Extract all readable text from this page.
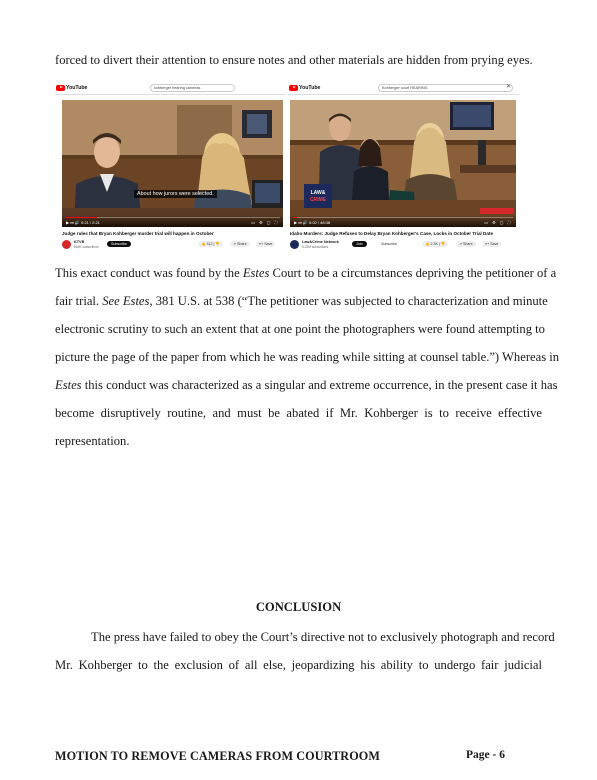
forced to divert their attention to ensure notes and other materials are hidden from prying eyes.
YouTube	kohberger hearing cameras
About how jurors were selected.
▶ ⏭ 🔊 0:21 / 2:21	▭ ⚙ ▢ ⛶
Judge rules that Bryan Kohberger murder trial will happen in October
KTVB
544K subscribers
Subscribe	👍 312 | 👎	↗ Share	≡+ Save
YouTube	Kohberger court HEARING	✕
LAW&
CRIME
▶ ⏭ 🔊 0:02 / 48:38	▭ ⚙ ▢ ⛶
Idaho Murders: Judge Refuses to Delay Bryan Kohberger's Case, Locks in October Trial Date
Law&Crime Network
5.23M subscribers
Join	Subscribe	👍 2.3K | 👎	↗ Share	≡+ Save
This exact conduct was found by the Estes Court to be a circumstances depriving the petitioner of a
fair trial. See Estes, 381 U.S. at 538 (“The petitioner was subjected to characterization and minute
electronic scrutiny to such an extent that at one point the photographers were found attempting to
picture the page of the paper from which he was reading while sitting at counsel table.”) Whereas in
Estes this conduct was characterized as a singular and extreme occurrence, in the present case it has
become disruptively routine, and must be abated if Mr. Kohberger is to receive effective
representation.
CONCLUSION
The press have failed to obey the Court’s directive not to exclusively photograph and record
Mr. Kohberger to the exclusion of all else, jeopardizing his ability to undergo fair judicial
MOTION TO REMOVE CAMERAS FROM COURTROOM	Page - 6
